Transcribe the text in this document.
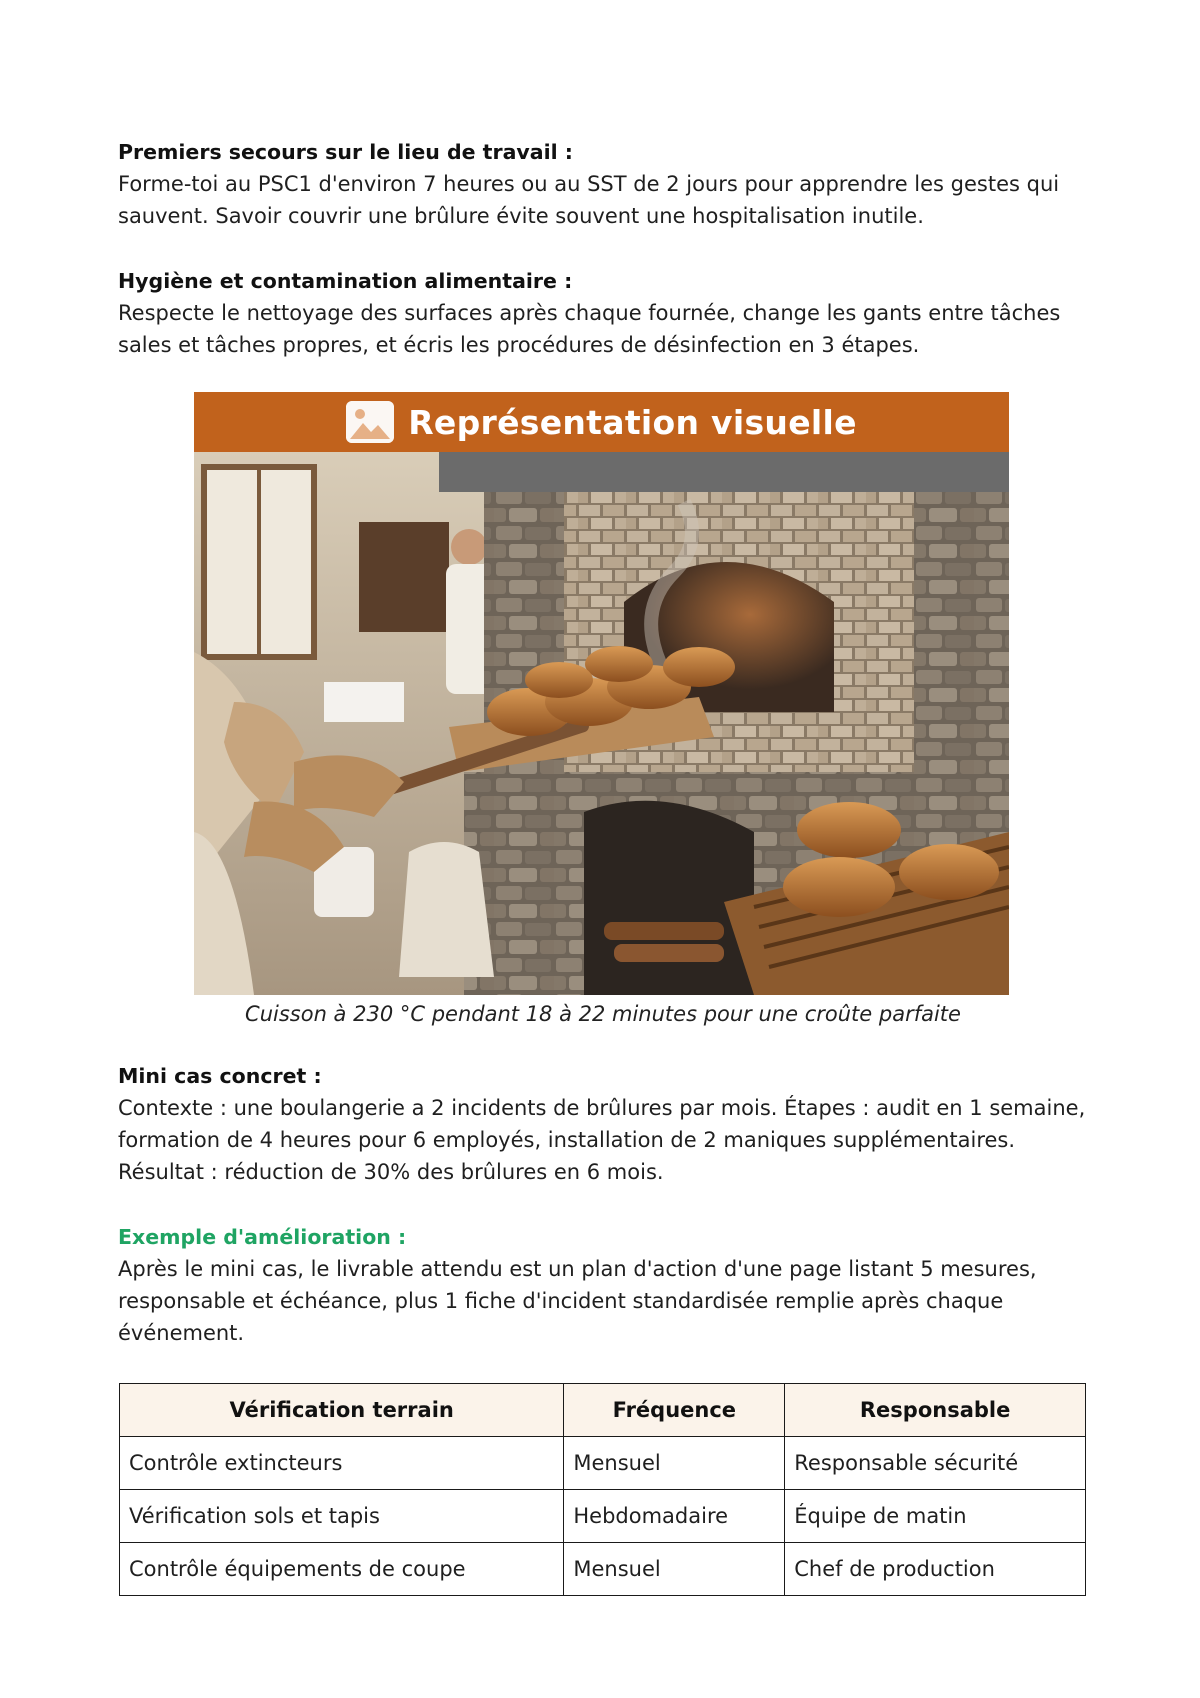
Premiers secours sur le lieu de travail :
Forme-toi au PSC1 d'environ 7 heures ou au SST de 2 jours pour apprendre les gestes qui sauvent. Savoir couvrir une brûlure évite souvent une hospitalisation inutile.
Hygiène et contamination alimentaire :
Respecte le nettoyage des surfaces après chaque fournée, change les gants entre tâches sales et tâches propres, et écris les procédures de désinfection en 3 étapes.
Représentation visuelle
Cuisson à 230 °C pendant 18 à 22 minutes pour une croûte parfaite
Mini cas concret :
Contexte : une boulangerie a 2 incidents de brûlures par mois. Étapes : audit en 1 semaine, formation de 4 heures pour 6 employés, installation de 2 maniques supplémentaires. Résultat : réduction de 30% des brûlures en 6 mois.
Exemple d'amélioration :
Après le mini cas, le livrable attendu est un plan d'action d'une page listant 5 mesures, responsable et échéance, plus 1 fiche d'incident standardisée remplie après chaque événement.
Vérification terrain	Fréquence	Responsable
Contrôle extincteurs	Mensuel	Responsable sécurité
Vérification sols et tapis	Hebdomadaire	Équipe de matin
Contrôle équipements de coupe	Mensuel	Chef de production
